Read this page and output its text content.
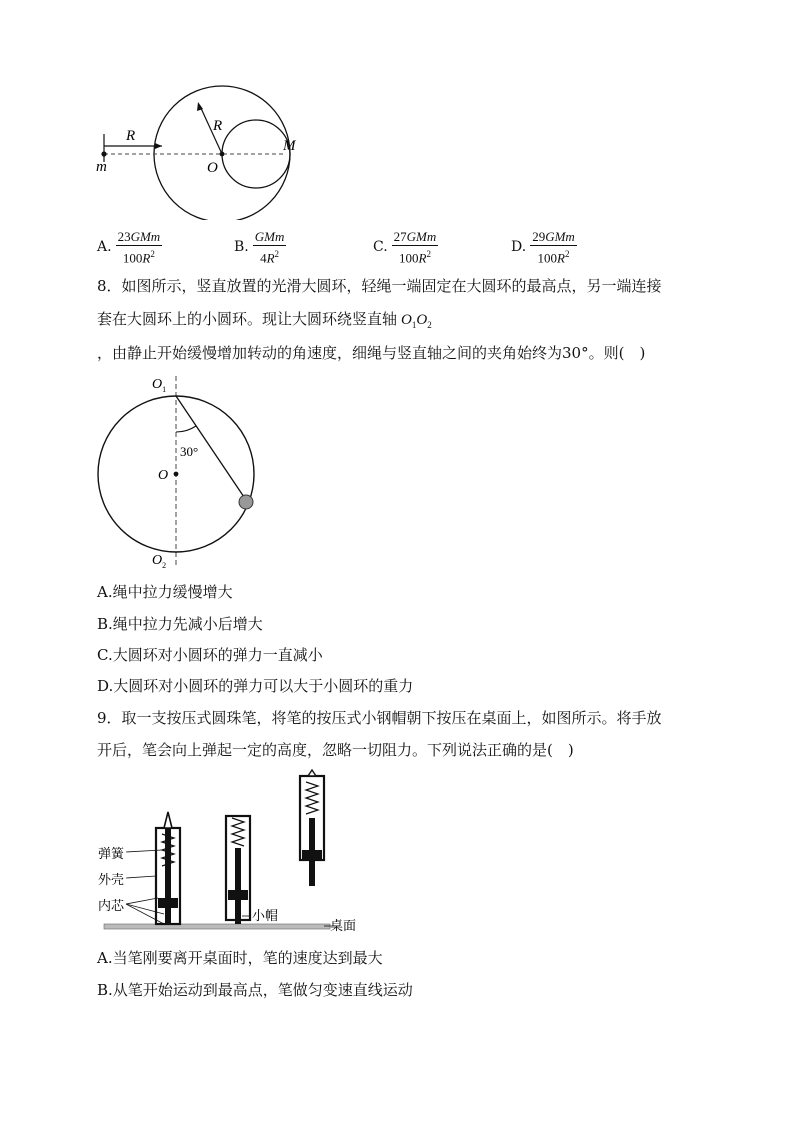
R
R
M
m	O
A. $\frac{\text{23GMm}}{100R^2}$	B. $\frac{\text{GMm}}{4R^2}$	C. $\frac{\text{27GMm}}{100R^2}$	D. $\frac{\text{29GMm}}{100R^2}$
8．如图所示，竖直放置的光滑大圆环，轻绳一端固定在大圆环的最高点，另一端连接
套在大圆环上的小圆环。现让大圆环绕竖直轴 $O_1O_2$
，由静止开始缓慢增加转动的角速度，细绳与竖直轴之间的夹角始终为30°。则(　)
$O_1$
30°
O
$O_2$
A.绳中拉力缓慢增大
B.绳中拉力先减小后增大
C.大圆环对小圆环的弹力一直减小
D.大圆环对小圆环的弹力可以大于小圆环的重力
9．取一支按压式圆珠笔，将笔的按压式小钢帽朝下按压在桌面上，如图所示。将手放
开后，笔会向上弹起一定的高度，忽略一切阻力。下列说法正确的是(　)
弹簧
外壳
内芯
小帽
桌面
A.当笔刚要离开桌面时，笔的速度达到最大
B.从笔开始运动到最高点，笔做匀变速直线运动
